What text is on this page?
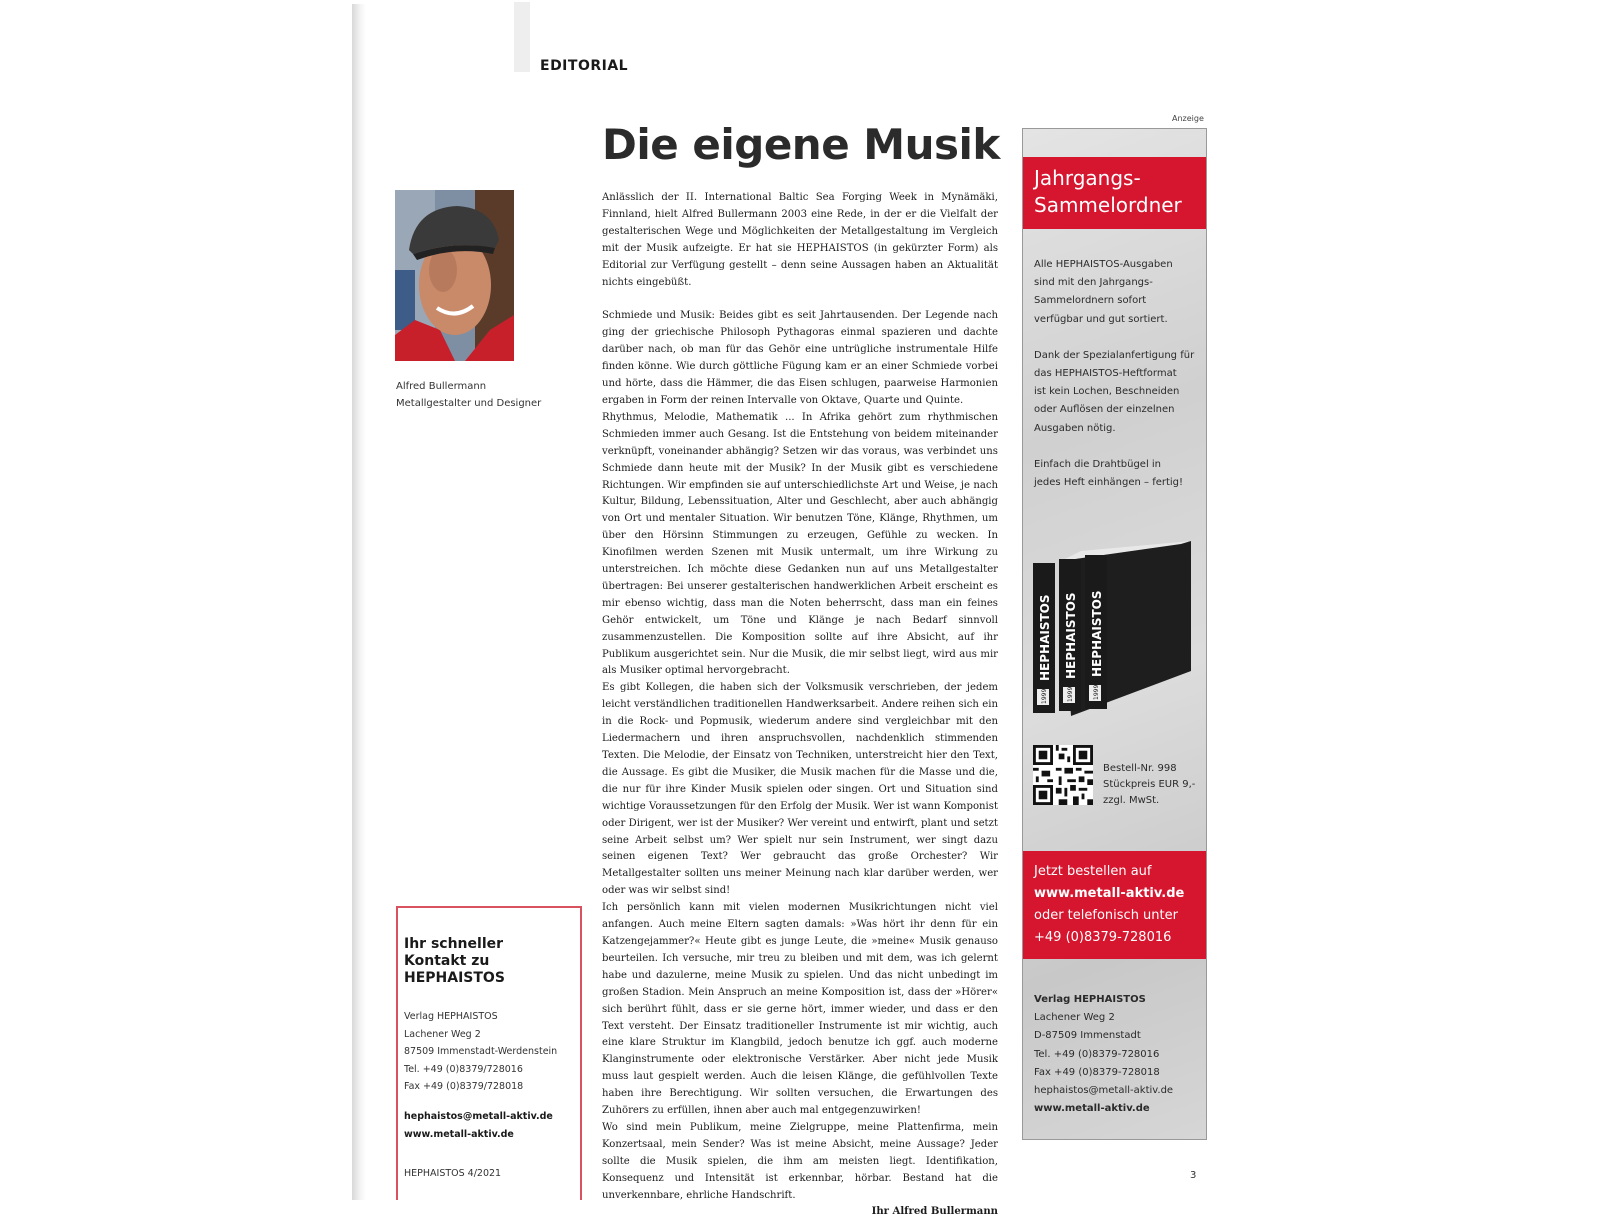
EDITORIAL
Die eigene Musik
Alfred Bullermann
Metallgestalter und Designer

Anlässlich der II. International Baltic Sea Forging Week in Mynämäki, Finnland, hielt Alfred Bullermann 2003 eine Rede, in der er die Vielfalt der gestalterischen Wege und Möglichkeiten der Metallgestaltung im Vergleich mit der Musik aufzeigte. Er hat sie HEPHAISTOS (in gekürzter Form) als Editorial zur Verfügung gestellt – denn seine Aussagen haben an Aktualität nichts eingebüßt.

Schmiede und Musik: Beides gibt es seit Jahrtausenden. Der Legende nach ging der griechische Philosoph Pythagoras einmal spazieren und dachte darüber nach, ob man für das Gehör eine untrügliche instrumentale Hilfe finden könne. Wie durch göttliche Fügung kam er an einer Schmiede vorbei und hörte, dass die Hämmer, die das Eisen schlugen, paarweise Harmonien ergaben in Form der reinen Intervalle von Oktave, Quarte und Quinte.

Rhythmus, Melodie, Mathematik ... In Afrika gehört zum rhythmischen Schmieden immer auch Gesang. Ist die Entstehung von beidem miteinander verknüpft, voneinander abhängig? Setzen wir das voraus, was verbindet uns Schmiede dann heute mit der Musik? In der Musik gibt es verschiedene Richtungen. Wir empfinden sie auf unterschiedlichste Art und Weise, je nach Kultur, Bildung, Lebenssituation, Alter und Geschlecht, aber auch abhängig von Ort und mentaler Situation. Wir benutzen Töne, Klänge, Rhythmen, um über den Hörsinn Stimmungen zu erzeugen, Gefühle zu wecken. In Kinofilmen werden Szenen mit Musik untermalt, um ihre Wirkung zu unterstreichen. Ich möchte diese Gedanken nun auf uns Metallgestalter übertragen: Bei unserer gestalterischen handwerklichen Arbeit erscheint es mir ebenso wichtig, dass man die Noten beherrscht, dass man ein feines Gehör entwickelt, um Töne und Klänge je nach Bedarf sinnvoll zusammenzustellen. Die Komposition sollte auf ihre Absicht, auf ihr Publikum ausgerichtet sein. Nur die Musik, die mir selbst liegt, wird aus mir als Musiker optimal hervorgebracht.

Es gibt Kollegen, die haben sich der Volksmusik verschrieben, der jedem leicht verständlichen traditionellen Handwerksarbeit. Andere reihen sich ein in die Rock- und Popmusik, wiederum andere sind vergleichbar mit den Liedermachern und ihren anspruchsvollen, nachdenklich stimmenden Texten. Die Melodie, der Einsatz von Techniken, unterstreicht hier den Text, die Aussage. Es gibt die Musiker, die Musik machen für die Masse und die, die nur für ihre Kinder Musik spielen oder singen. Ort und Situation sind wichtige Voraussetzungen für den Erfolg der Musik. Wer ist wann Komponist oder Dirigent, wer ist der Musiker? Wer vereint und entwirft, plant und setzt seine Arbeit selbst um? Wer spielt nur sein Instrument, wer singt dazu seinen eigenen Text? Wer gebraucht das große Orchester? Wir Metallgestalter sollten uns meiner Meinung nach klar darüber werden, wer oder was wir selbst sind!

Ich persönlich kann mit vielen modernen Musikrichtungen nicht viel anfangen. Auch meine Eltern sagten damals: »Was hört ihr denn für ein Katzengejammer?« Heute gibt es junge Leute, die »meine« Musik genauso beurteilen. Ich versuche, mir treu zu bleiben und mit dem, was ich gelernt habe und dazulerne, meine Musik zu spielen. Und das nicht unbedingt im großen Stadion. Mein Anspruch an meine Komposition ist, dass der »Hörer« sich berührt fühlt, dass er sie gerne hört, immer wieder, und dass er den Text versteht. Der Einsatz traditioneller Instrumente ist mir wichtig, auch eine klare Struktur im Klangbild, jedoch benutze ich ggf. auch moderne Klanginstrumente oder elektronische Verstärker. Aber nicht jede Musik muss laut gespielt werden. Auch die leisen Klänge, die gefühlvollen Texte haben ihre Berechtigung. Wir sollten versuchen, die Erwartungen des Zuhörers zu erfüllen, ihnen aber auch mal entgegenzuwirken!

Wo sind mein Publikum, meine Zielgruppe, meine Plattenfirma, mein Konzertsaal, mein Sender? Was ist meine Absicht, meine Aussage? Jeder sollte die Musik spielen, die ihm am meisten liegt. Identifikation, Konsequenz und Intensität ist erkennbar, hörbar. Bestand hat die unverkennbare, ehrliche Handschrift.

Ihr Alfred Bullermann

Ihr schneller
Kontakt zu
HEPHAISTOS
Verlag HEPHAISTOS
Lachener Weg 2
87509 Immenstadt-Werdenstein
Tel. +49 (0)8379/728016
Fax +49 (0)8379/728018
hephaistos@metall-aktiv.de
www.metall-aktiv.de
HEPHAISTOS 4/2021
Anzeige
Jahrgangs-
Sammelordner

Alle HEPHAISTOS-Ausgaben
sind mit den Jahrgangs-
Sammelordnern sofort
verfügbar und gut sortiert.

Dank der Spezialanfertigung für
das HEPHAISTOS-Heftformat
ist kein Lochen, Beschneiden
oder Auflösen der einzelnen
Ausgaben nötig.

Einfach die Drahtbügel in
jedes Heft einhängen – fertig!

HEPHAISTOS
1999
HEPHAISTOS
1999
HEPHAISTOS
1999
Bestell-Nr. 998
Stückpreis EUR 9,-
zzgl. MwSt.
Jetzt bestellen auf
www.metall-aktiv.de
oder telefonisch unter
+49 (0)8379-728016
Verlag HEPHAISTOS
Lachener Weg 2
D-87509 Immenstadt
Tel. +49 (0)8379-728016
Fax +49 (0)8379-728018
hephaistos@metall-aktiv.de
www.metall-aktiv.de
3
